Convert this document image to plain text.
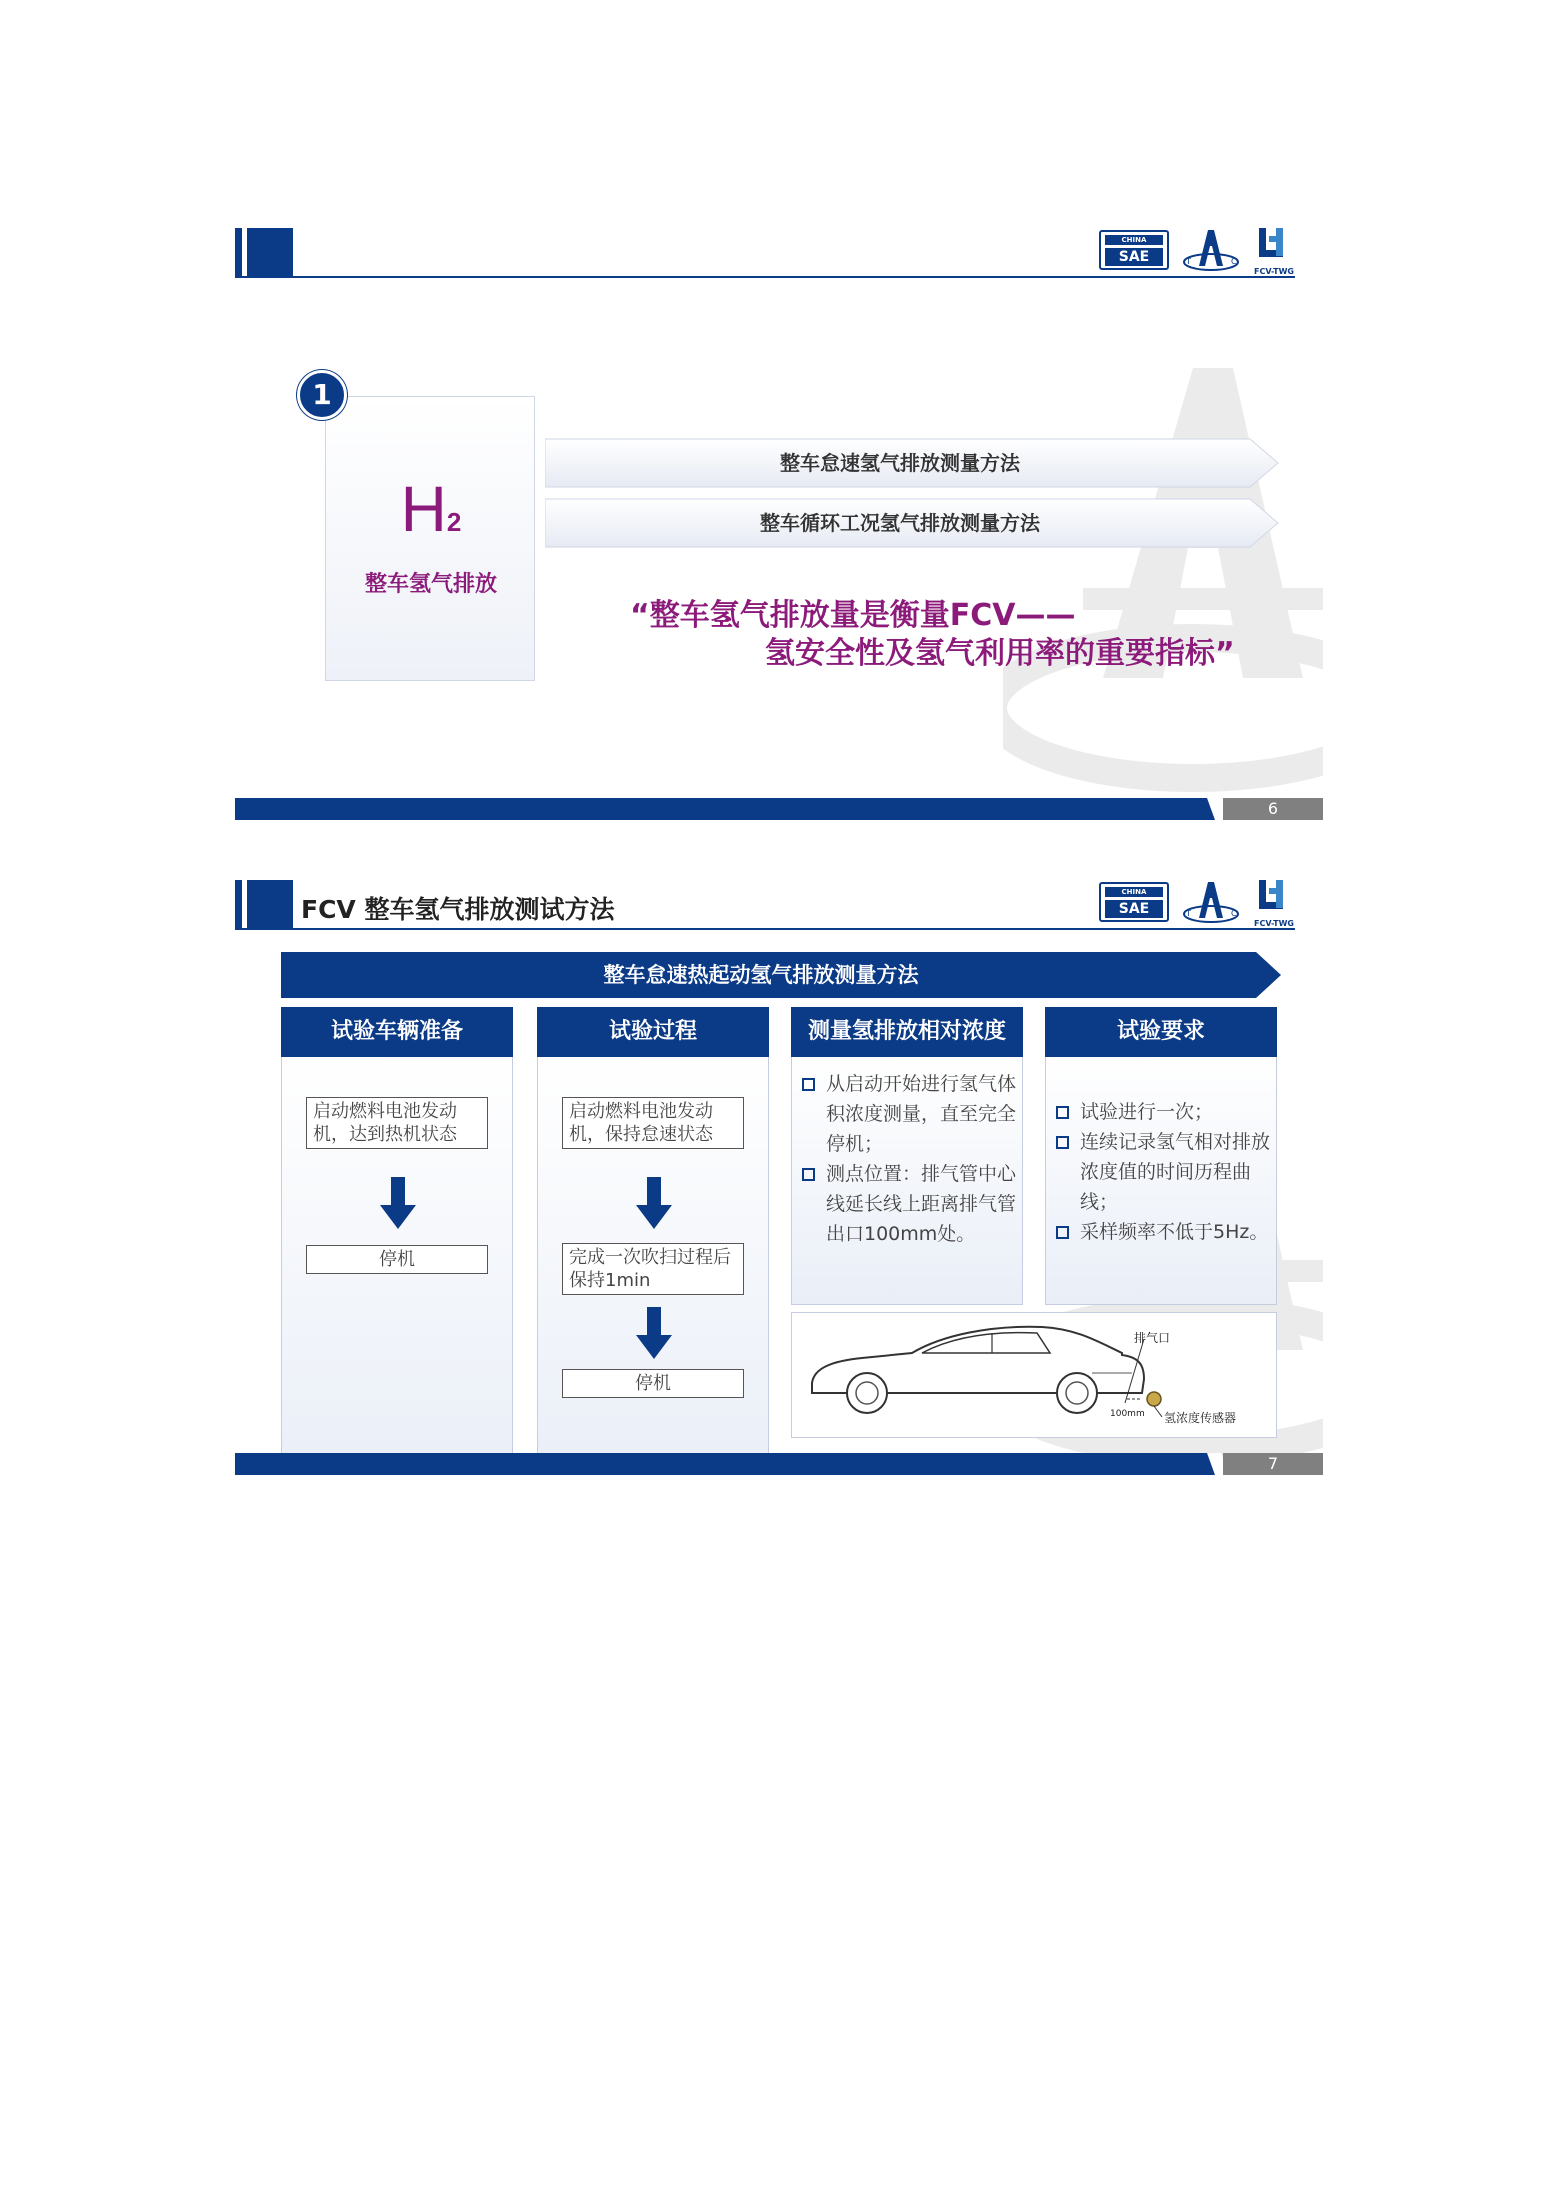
CHINA
SAE	T	C
FCV-TWG
H2
整车氢气排放
1
整车怠速氢气排放测量方法
整车循环工况氢气排放测量方法
“整车氢气排放量是衡量FCV——
氢安全性及氢气利用率的重要指标”
6
FCV 整车氢气排放测试方法
CHINA
SAE	T	C
FCV-TWG
整车怠速热起动氢气排放测量方法
试验车辆准备
启动燃料电池发动机，达到热机状态
停机
试验过程
启动燃料电池发动机，保持怠速状态
完成一次吹扫过程后保持1min
停机
测量氢排放相对浓度
从启动开始进行氢气体积浓度测量，直至完全停机；
测点位置：排气管中心线延长线上距离排气管出口100mm处。
试验要求
试验进行一次；
连续记录氢气相对排放浓度值的时间历程曲线；
采样频率不低于5Hz。
排气口
100mm 氢浓度传感器
7
